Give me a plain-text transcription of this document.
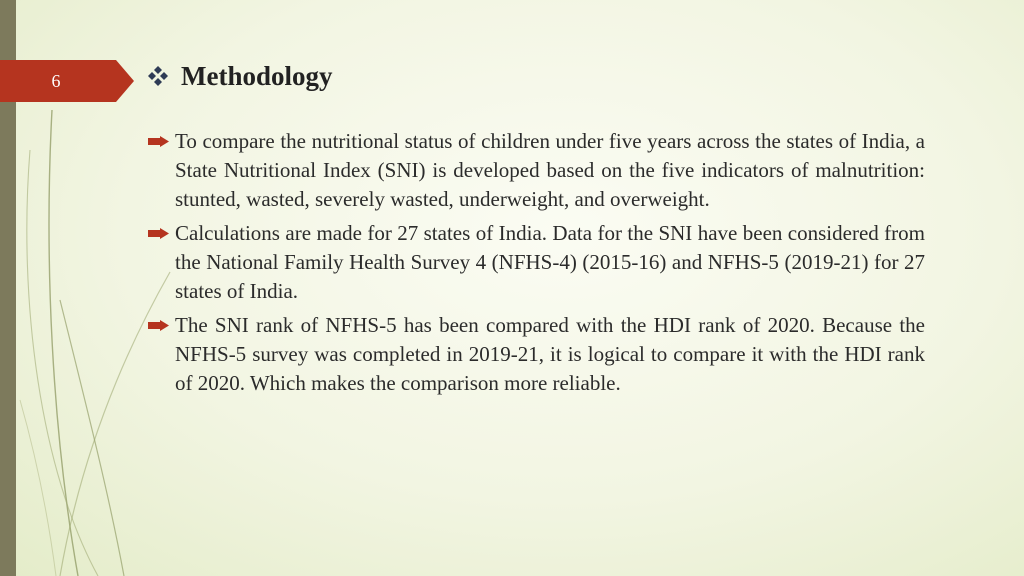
6	Methodology
To compare the nutritional status of children under five years across the states of India, a State Nutritional Index (SNI) is developed based on the five indicators of malnutrition: stunted, wasted, severely wasted, underweight, and overweight.
Calculations are made for 27 states of India. Data for the SNI have been considered from the National Family Health Survey 4 (NFHS-4) (2015-16) and NFHS-5 (2019-21) for 27 states of India.
The SNI rank of NFHS-5 has been compared with the HDI rank of 2020. Because the NFHS-5 survey was completed in 2019-21, it is logical to compare it with the HDI rank of 2020. Which makes the comparison more reliable.
